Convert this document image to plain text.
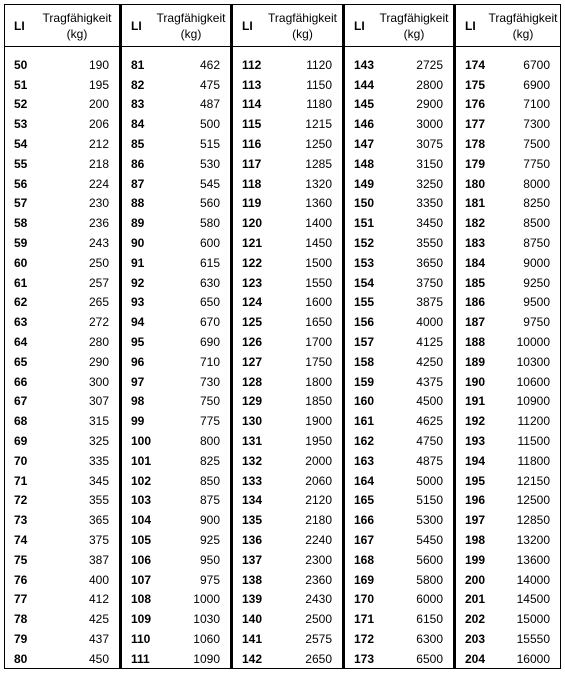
LI
Tragfähigkeit
(kg)
50	190
51	195
52	200
53	206
54	212
55	218
56	224
57	230
58	236
59	243
60	250
61	257
62	265
63	272
64	280
65	290
66	300
67	307
68	315
69	325
70	335
71	345
72	355
73	365
74	375
75	387
76	400
77	412
78	425
79	437
80	450
LI
Tragfähigkeit
(kg)
81	462
82	475
83	487
84	500
85	515
86	530
87	545
88	560
89	580
90	600
91	615
92	630
93	650
94	670
95	690
96	710
97	730
98	750
99	775
100	800
101	825
102	850
103	875
104	900
105	925
106	950
107	975
108	1000
109	1030
110	1060
111	1090
LI
Tragfähigkeit
(kg)
112	1120
113	1150
114	1180
115	1215
116	1250
117	1285
118	1320
119	1360
120	1400
121	1450
122	1500
123	1550
124	1600
125	1650
126	1700
127	1750
128	1800
129	1850
130	1900
131	1950
132	2000
133	2060
134	2120
135	2180
136	2240
137	2300
138	2360
139	2430
140	2500
141	2575
142	2650
LI
Tragfähigkeit
(kg)
143	2725
144	2800
145	2900
146	3000
147	3075
148	3150
149	3250
150	3350
151	3450
152	3550
153	3650
154	3750
155	3875
156	4000
157	4125
158	4250
159	4375
160	4500
161	4625
162	4750
163	4875
164	5000
165	5150
166	5300
167	5450
168	5600
169	5800
170	6000
171	6150
172	6300
173	6500
LI
Tragfähigkeit
(kg)
174	6700
175	6900
176	7100
177	7300
178	7500
179	7750
180	8000
181	8250
182	8500
183	8750
184	9000
185	9250
186	9500
187	9750
188	10000
189	10300
190	10600
191	10900
192	11200
193	11500
194	11800
195	12150
196	12500
197	12850
198	13200
199	13600
200	14000
201	14500
202	15000
203	15550
204	16000
